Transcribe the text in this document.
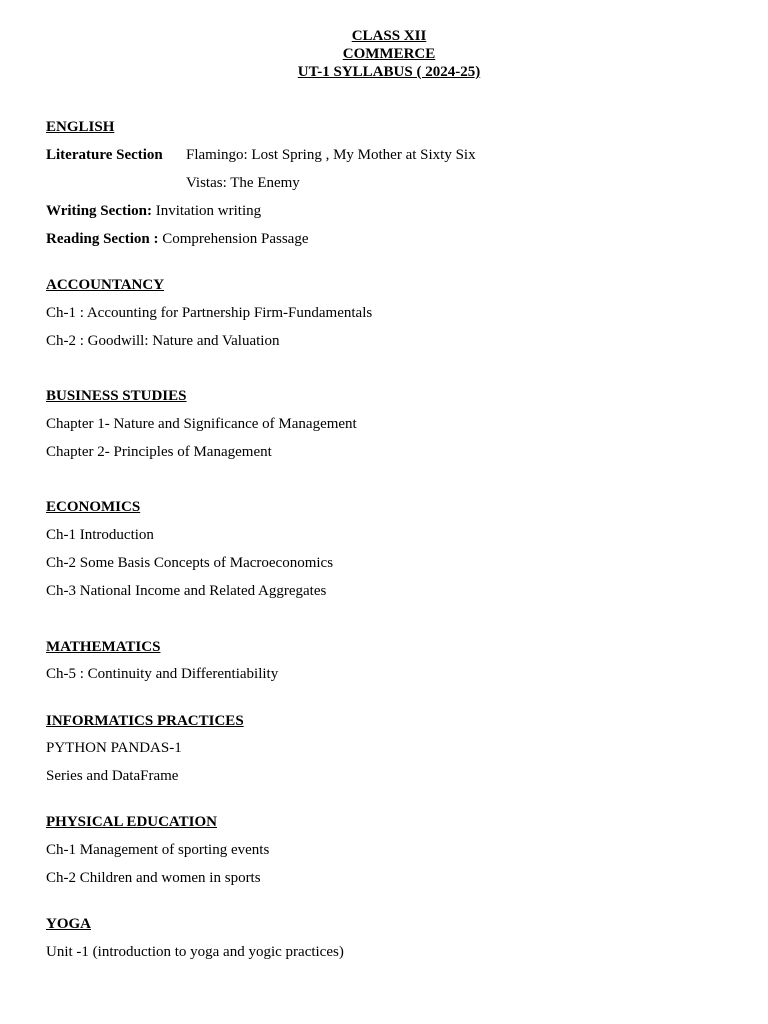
CLASS XII
COMMERCE
UT-1 SYLLABUS ( 2024-25)
ENGLISH
Literature Section Flamingo: Lost Spring , My Mother at Sixty Six
Vistas: The Enemy
Writing Section: Invitation writing
Reading Section : Comprehension Passage
ACCOUNTANCY
Ch-1 : Accounting for Partnership Firm-Fundamentals
Ch-2 : Goodwill: Nature and Valuation
BUSINESS STUDIES
Chapter 1- Nature and Significance of Management
Chapter 2- Principles of Management
ECONOMICS
Ch-1 Introduction
Ch-2 Some Basis Concepts of Macroeconomics
Ch-3 National Income and Related Aggregates
MATHEMATICS
Ch-5 : Continuity and Differentiability
INFORMATICS PRACTICES
PYTHON PANDAS-1
Series and DataFrame
PHYSICAL EDUCATION
Ch-1 Management of sporting events
Ch-2 Children and women in sports
YOGA
Unit -1 (introduction to yoga and yogic practices)
